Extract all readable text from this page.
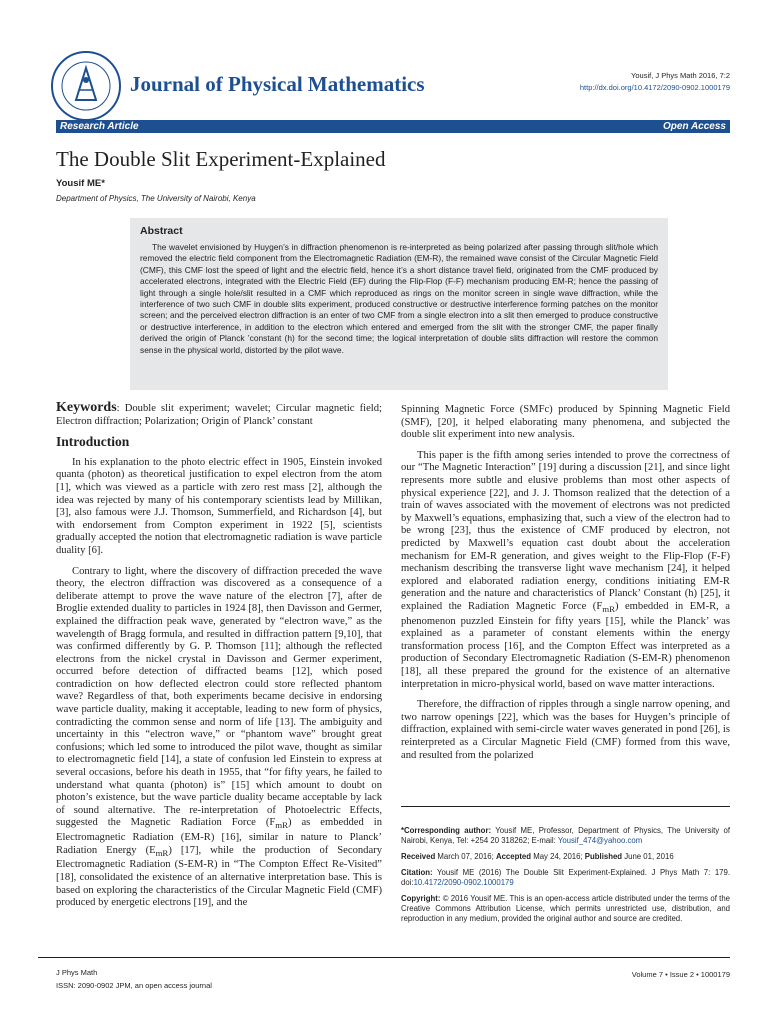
Journal of Physical Mathematics	Yousif, J Phys Math 2016, 7:2
http://dx.doi.org/10.4172/2090-0902.1000179
Research Article	Open Access
The Double Slit Experiment-Explained
Yousif ME*
Department of Physics, The University of Nairobi, Kenya
Abstract
The wavelet envisioned by Huygen’s in diffraction phenomenon is re-interpreted as being polarized after passing through slit/hole which removed the electric field component from the Electromagnetic Radiation (EM-R), the remained wave consist of the Circular Magnetic Field (CMF), this CMF lost the speed of light and the electric field, hence it’s a short distance travel field, originated from the CMF produced by accelerated electrons, integrated with the Electric Field (EF) during the Flip-Flop (F-F) mechanism producing EM-R; hence the passing of light through a single hole/slit resulted in a CMF which reproduced as rings on the monitor screen in single wave diffraction, while the interference of two such CMF in double slits experiment, produced constructive or destructive interference forming patches on the monitor screen; and the perceived electron diffraction is an enter of two CMF from a single electron into a slit then emerged to produce constructive or destructive interference, in addition to the electron which entered and emerged from the slit with the stronger CMF, the paper finally derived the origin of Planck ’constant (h) for the second time; the logical interpretation of double slits diffraction will restore the common sense in the physical world, distorted by the pilot wave.

Keywords: Double slit experiment; wavelet; Circular magnetic field; Electron diffraction; Polarization; Origin of Planck’ constant

Introduction

In his explanation to the photo electric effect in 1905, Einstein invoked quanta (photon) as theoretical justification to expel electron from the atom [1], which was viewed as a particle with zero rest mass [2], although the idea was rejected by many of his contemporary scientists lead by Millikan, [3], also famous were J.J. Thomson, Summerfield, and Richardson [4], but with endorsement from Compton experiment in 1922 [5], scientists gradually accepted the notion that electromagnetic radiation is wave particle duality [6].

Contrary to light, where the discovery of diffraction preceded the wave theory, the electron diffraction was discovered as a consequence of a deliberate attempt to prove the wave nature of the electron [7], after de Broglie extended duality to particles in 1924 [8], then Davisson and Germer, explained the diffraction peak wave, generated by “electron wave,” as the wavelength of Bragg formula, and resulted in diffraction pattern [9,10], that was confirmed differently by G. P. Thomson [11]; although the reflected electrons from the nickel crystal in Davisson and Germer experiment, occurred before detection of diffracted beams [12], which posed contradiction on how deflected electron could store reflected phantom wave? Regardless of that, both experiments became decisive in endorsing wave particle duality, making it acceptable, leading to new form of physics, contradicting the common sense and norm of life [13]. The ambiguity and uncertainty in this “electron wave,” or “phantom wave” brought great confusions; which led some to introduced the pilot wave, thought as similar to electromagnetic field [14], a state of confusion led Einstein to express at several occasions, before his death in 1955, that “for fifty years, he failed to understand what quanta (photon) is” [15] which amount to doubt on photon’s existence, but the wave particle duality became acceptable by lack of sound alternative. The re-interpretation of Photoelectric Effects, suggested the Magnetic Radiation Force $(F_{mR})$ as embedded in Electromagnetic Radiation (EM-R) [16], similar in nature to Planck’ Radiation Energy $(E_{mR})$ [17], while the production of Secondary Electromagnetic Radiation (S-EM-R) in “The Compton Effect Re-Visited” [18], consolidated the existence of an alternative interpretation base. This is based on exploring the characteristics of the Circular Magnetic Field (CMF) produced by energetic electrons [19], and the

Spinning Magnetic Force (SMFc) produced by Spinning Magnetic Field (SMF), [20], it helped elaborating many phenomena, and subjected the double slit experiment into new analysis.

This paper is the fifth among series intended to prove the correctness of our “The Magnetic Interaction” [19] during a discussion [21], and since light represents more subtle and elusive problems than most other aspects of physical experience [22], and J. J. Thomson realized that the detection of a train of waves associated with the movement of electrons was not predicted by Maxwell’s equations, emphasizing that, such a view of the electron had to be wrong [23], thus the existence of CMF produced by electron, not predicted by Maxwell’s equation cast doubt about the acceleration mechanism for EM-R generation, and gives weight to the Flip-Flop (F-F) mechanism describing the transverse light wave mechanism [24], it helped explored and elaborated radiation energy, conditions initiating EM-R generation and the nature and characteristics of Planck’ Constant (h) [25], it explained the Radiation Magnetic Force $(F_{mR})$ embedded in EM-R, a phenomenon puzzled Einstein for fifty years [15], while the Planck’ was explained as a parameter of constant elements within the energy transformation process [16], and the Compton Effect was interpreted as a production of Secondary Electromagnetic Radiation (S-EM-R) phenomenon [18], all these prepared the ground for the existence of an alternative interpretation in micro-physical world, based on wave matter interactions.

Therefore, the diffraction of ripples through a single narrow opening, and two narrow openings [22], which was the bases for Huygen’s principle of diffraction, explained with semi-circle water waves generated in pond [26], is reinterpreted as a Circular Magnetic Field (CMF) formed from this wave, and resulted from the polarized

*Corresponding author: Yousif ME, Professor, Department of Physics, The University of Nairobi, Kenya, Tel: +254 20 318262; E-mail: Yousif_474@yahoo.com

Received March 07, 2016; Accepted May 24, 2016; Published June 01, 2016

Citation: Yousif ME (2016) The Double Slit Experiment-Explained. J Phys Math 7: 179. doi:10.4172/2090-0902.1000179

Copyright: © 2016 Yousif ME. This is an open-access article distributed under the terms of the Creative Commons Attribution License, which permits unrestricted use, distribution, and reproduction in any medium, provided the original author and source are credited.

J Phys Math
ISSN: 2090-0902 JPM, an open access journal
Volume 7 • Issue 2 • 1000179
